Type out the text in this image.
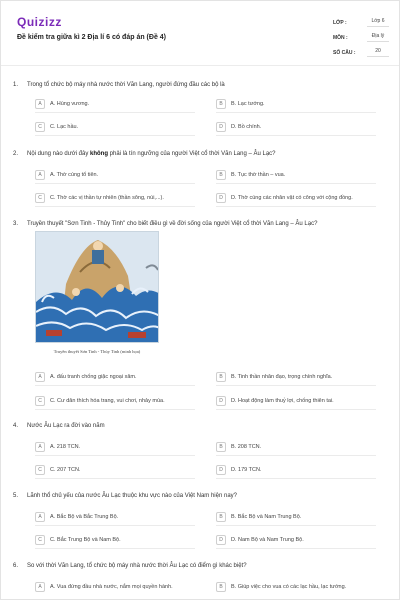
Quizizz
Đề kiểm tra giữa kì 2 Địa lí 6 có đáp án (Đề 4)
LỚP :	Lớp 6
MÔN :	Địa lý
SỐ CÂU :	20
1.	Trong tổ chức bộ máy nhà nước thời Văn Lang, người đứng đầu các bộ là
A	A. Hùng vương.	B	B. Lạc tướng.
C	C. Lạc hầu.	D	D. Bồ chính.
2.	Nội dung nào dưới đây không phải là tín ngưỡng của người Việt cổ thời Văn Lang – Âu Lạc?
A	A. Thờ cúng tổ tiên.	B	B. Tục thờ thần – vua.
C	C. Thờ các vị thần tự nhiên (thần sông, núi,...).	D	D. Thờ cúng các nhân vật có công với cộng đồng.
3.	Truyền thuyết "Sơn Tinh - Thủy Tinh" cho biết điều gì về đời sống của người Việt cổ thời Văn Lang – Âu Lạc?
Truyền thuyết Sơn Tinh - Thủy Tinh (minh họa)
A	A. đấu tranh chống giặc ngoại xâm.	B	B. Tinh thần nhân đạo, trọng chính nghĩa.
C	C. Cư dân thích hóa trang, vui chơi, nhảy múa.	D	D. Hoạt động làm thuỷ lợi, chống thiên tai.
4.	Nước Âu Lạc ra đời vào năm
A	A. 218 TCN.	B	B. 208 TCN.
C	C. 207 TCN.	D	D. 179 TCN.
5.	Lãnh thổ chủ yếu của nước Âu Lạc thuộc khu vực nào của Việt Nam hiện nay?
A	A. Bắc Bộ và Bắc Trung Bộ.	B	B. Bắc Bộ và Nam Trung Bộ.
C	C. Bắc Trung Bộ và Nam Bộ.	D	D. Nam Bộ và Nam Trung Bộ.
6.	So với thời Văn Lang, tổ chức bộ máy nhà nước thời Âu Lạc có điểm gì khác biệt?
A	A. Vua đứng đầu nhà nước, nắm mọi quyền hành.	B	B. Giúp việc cho vua có các lạc hầu, lạc tướng.
